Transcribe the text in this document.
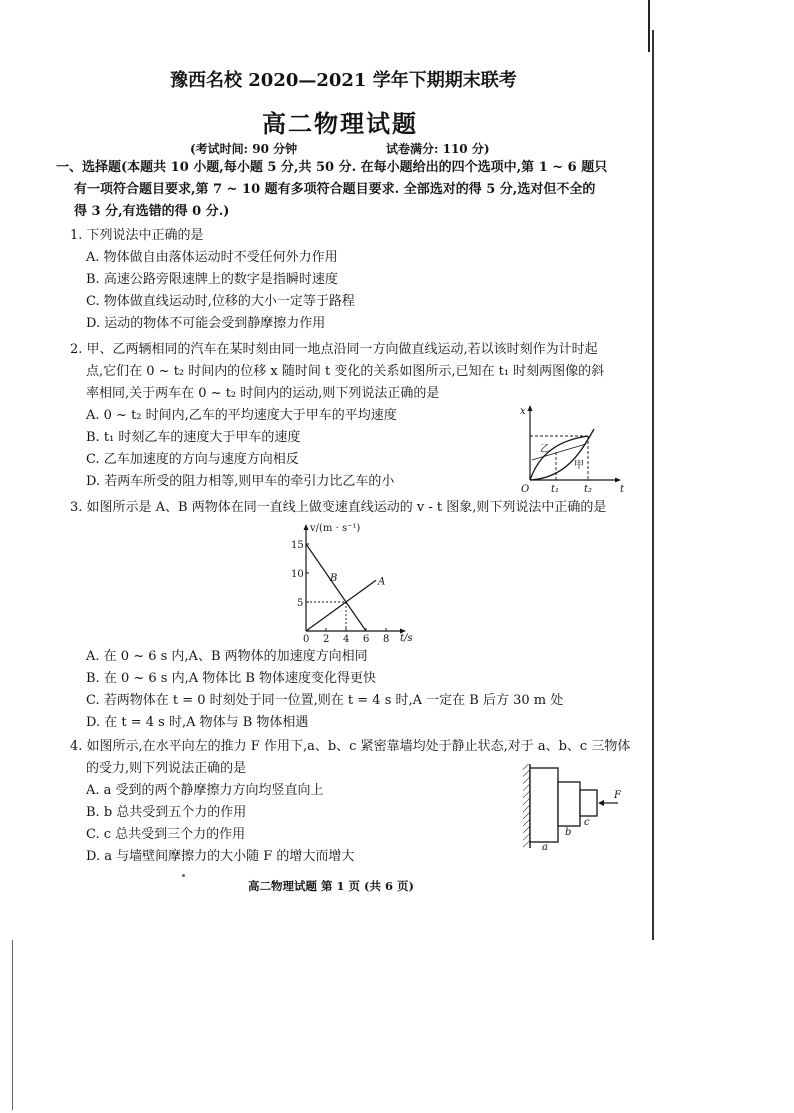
豫西名校 2020—2021 学年下期期末联考
高二物理试题
(考试时间: 90 分钟	试卷满分: 110 分)
一、选择题(本题共 10 小题,每小题 5 分,共 50 分. 在每小题给出的四个选项中,第 1 ~ 6 题只
有一项符合题目要求,第 7 ~ 10 题有多项符合题目要求. 全部选对的得 5 分,选对但不全的
得 3 分,有选错的得 0 分.)
1. 下列说法中正确的是
A. 物体做自由落体运动时不受任何外力作用
B. 高速公路旁限速牌上的数字是指瞬时速度
C. 物体做直线运动时,位移的大小一定等于路程
D. 运动的物体不可能会受到静摩擦力作用
2. 甲、乙两辆相同的汽车在某时刻由同一地点沿同一方向做直线运动,若以该时刻作为计时起
点,它们在 0 ~ t₂ 时间内的位移 x 随时间 t 变化的关系如图所示,已知在 t₁ 时刻两图像的斜
率相同,关于两车在 0 ~ t₂ 时间内的运动,则下列说法正确的是
A. 0 ~ t₂ 时间内,乙车的平均速度大于甲车的平均速度
B. t₁ 时刻乙车的速度大于甲车的速度
C. 乙车加速度的方向与速度方向相反
D. 若两车所受的阻力相等,则甲车的牵引力比乙车的小
x
t
O
乙
甲
t₁ t₂
3. 如图所示是 A、B 两物体在同一直线上做变速直线运动的 v - t 图象,则下列说法中正确的是
v/(m · s⁻¹)
t/s
0 2 4 6 8
5
10
15
A
B
A. 在 0 ~ 6 s 内,A、B 两物体的加速度方向相同
B. 在 0 ~ 6 s 内,A 物体比 B 物体速度变化得更快
C. 若两物体在 t = 0 时刻处于同一位置,则在 t = 4 s 时,A 一定在 B 后方 30 m 处
D. 在 t = 4 s 时,A 物体与 B 物体相遇
4. 如图所示,在水平向左的推力 F 作用下,a、b、c 紧密靠墙均处于静止状态,对于 a、b、c 三物体
的受力,则下列说法正确的是
A. a 受到的两个静摩擦力方向均竖直向上
B. b 总共受到五个力的作用
C. c 总共受到三个力的作用
D. a 与墙壁间摩擦力的大小随 F 的增大而增大
F
a
b
c
高二物理试题 第 1 页 (共 6 页)
